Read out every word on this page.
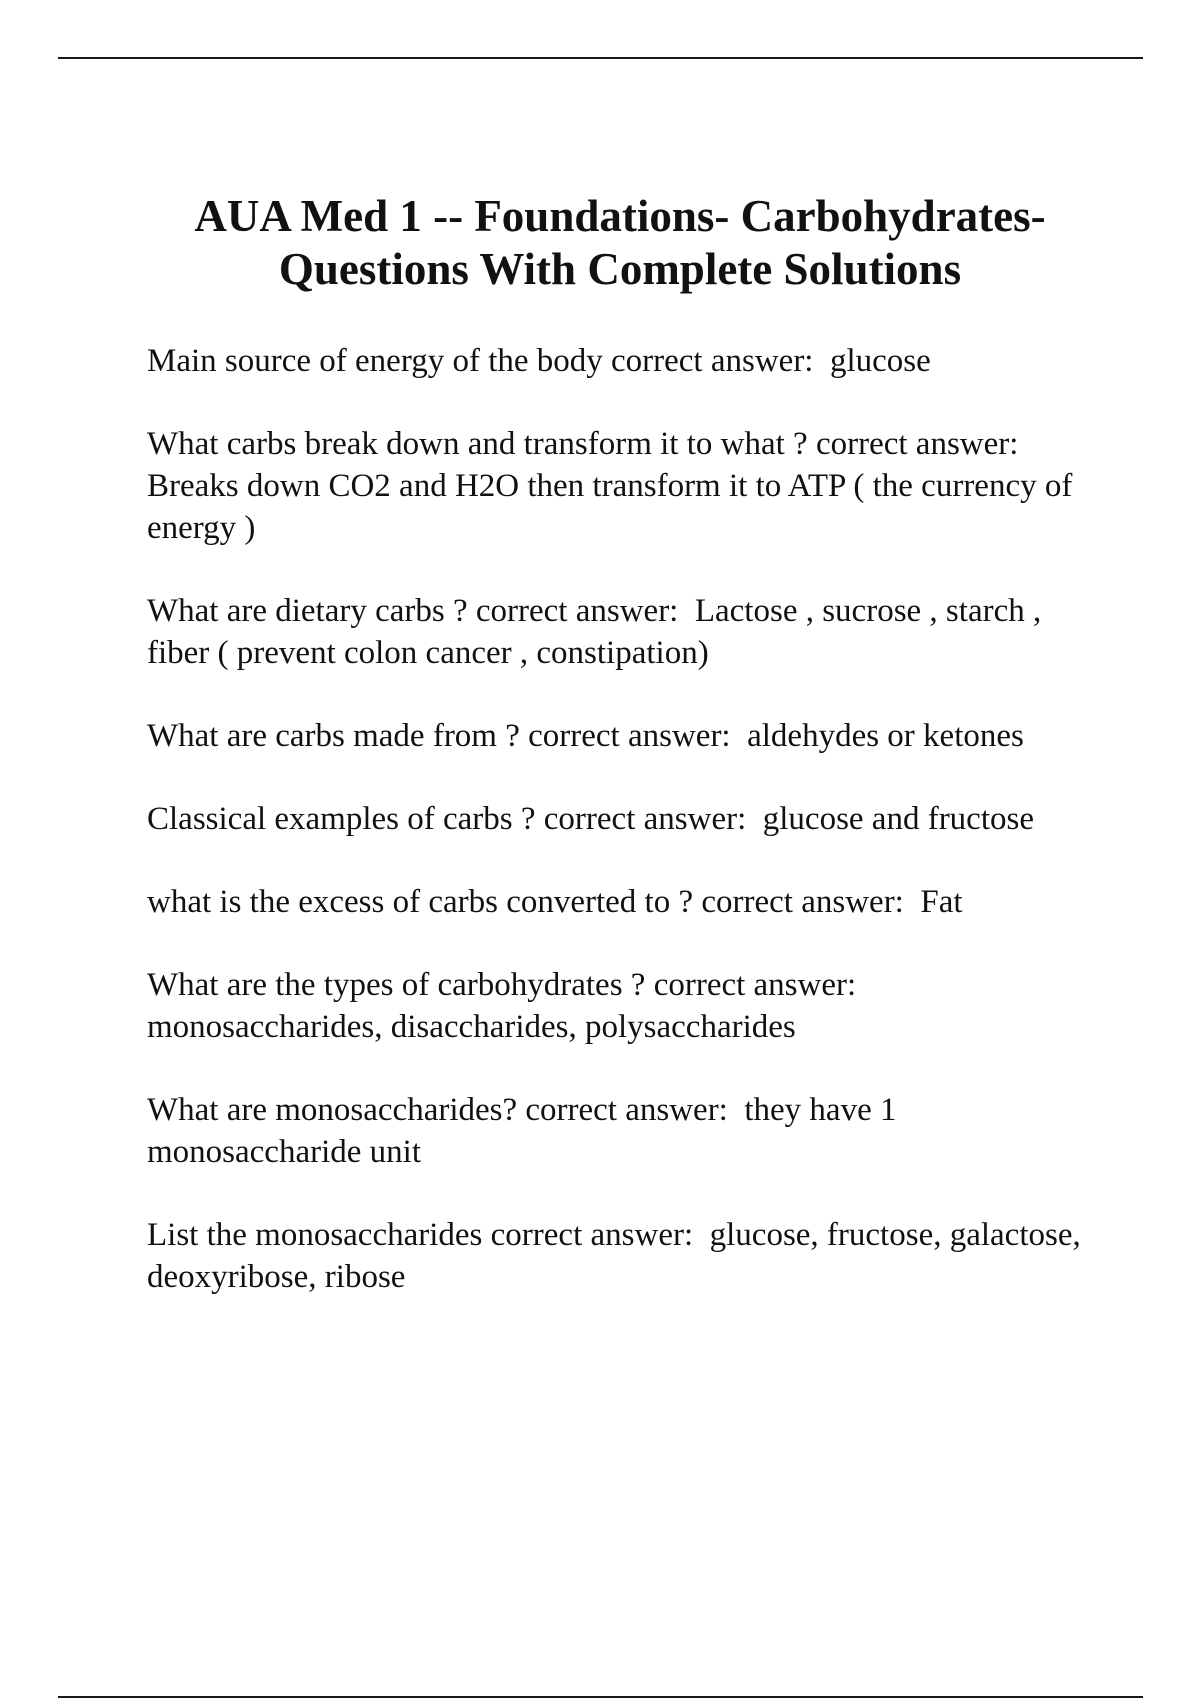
AUA Med 1 -- Foundations- Carbohydrates-
Questions With Complete Solutions
Main source of energy of the body correct answer: glucose
What carbs break down and transform it to what ? correct answer:  Breaks down CO2 and H2O then transform it to ATP ( the currency of energy )
What are dietary carbs ? correct answer: Lactose , sucrose , starch , fiber ( prevent colon cancer , constipation)
What are carbs made from ? correct answer: aldehydes or ketones
Classical examples of carbs ? correct answer: glucose and fructose
what is the excess of carbs converted to ? correct answer: Fat
What are the types of carbohydrates ? correct answer:  monosaccharides, disaccharides, polysaccharides
What are monosaccharides? correct answer: they have 1 monosaccharide unit
List the monosaccharides correct answer: glucose, fructose, galactose, deoxyribose, ribose
